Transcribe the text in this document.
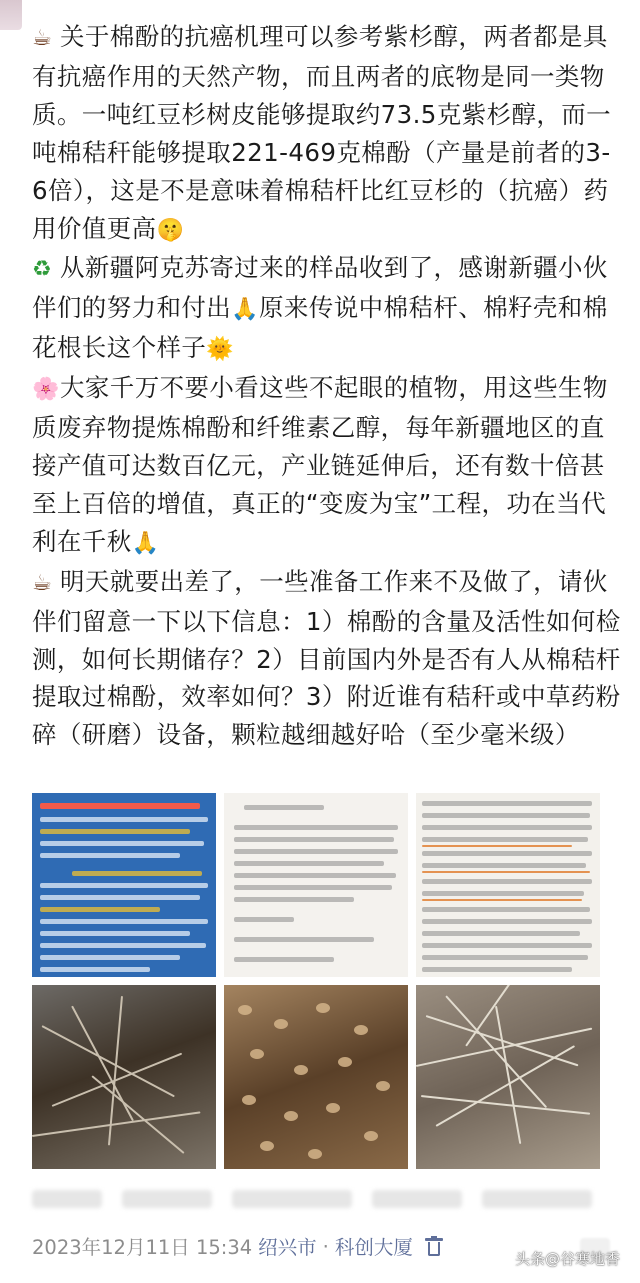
☕ 关于棉酚的抗癌机理可以参考紫杉醇，两者都是具有抗癌作用的天然产物，而且两者的底物是同一类物质。一吨红豆杉树皮能够提取约73.5克紫杉醇，而一吨棉秸秆能够提取221-469克棉酚（产量是前者的3-6倍），这是不是意味着棉秸杆比红豆杉的（抗癌）药用价值更高🤫
♻ 从新疆阿克苏寄过来的样品收到了，感谢新疆小伙伴们的努力和付出🙏原来传说中棉秸杆、棉籽壳和棉花根长这个样子🌞
🌸大家千万不要小看这些不起眼的植物，用这些生物质废弃物提炼棉酚和纤维素乙醇，每年新疆地区的直接产值可达数百亿元，产业链延伸后，还有数十倍甚至上百倍的增值，真正的“变废为宝”工程，功在当代利在千秋🙏
☕ 明天就要出差了，一些准备工作来不及做了，请伙伴们留意一下以下信息：1）棉酚的含量及活性如何检测，如何长期储存？2）目前国内外是否有人从棉秸杆提取过棉酚，效率如何？3）附近谁有秸秆或中草药粉碎（研磨）设备，颗粒越细越好哈（至少毫米级）
2023年12月11日 15:34 绍兴市 · 科创大厦	头条@谷寒地香
